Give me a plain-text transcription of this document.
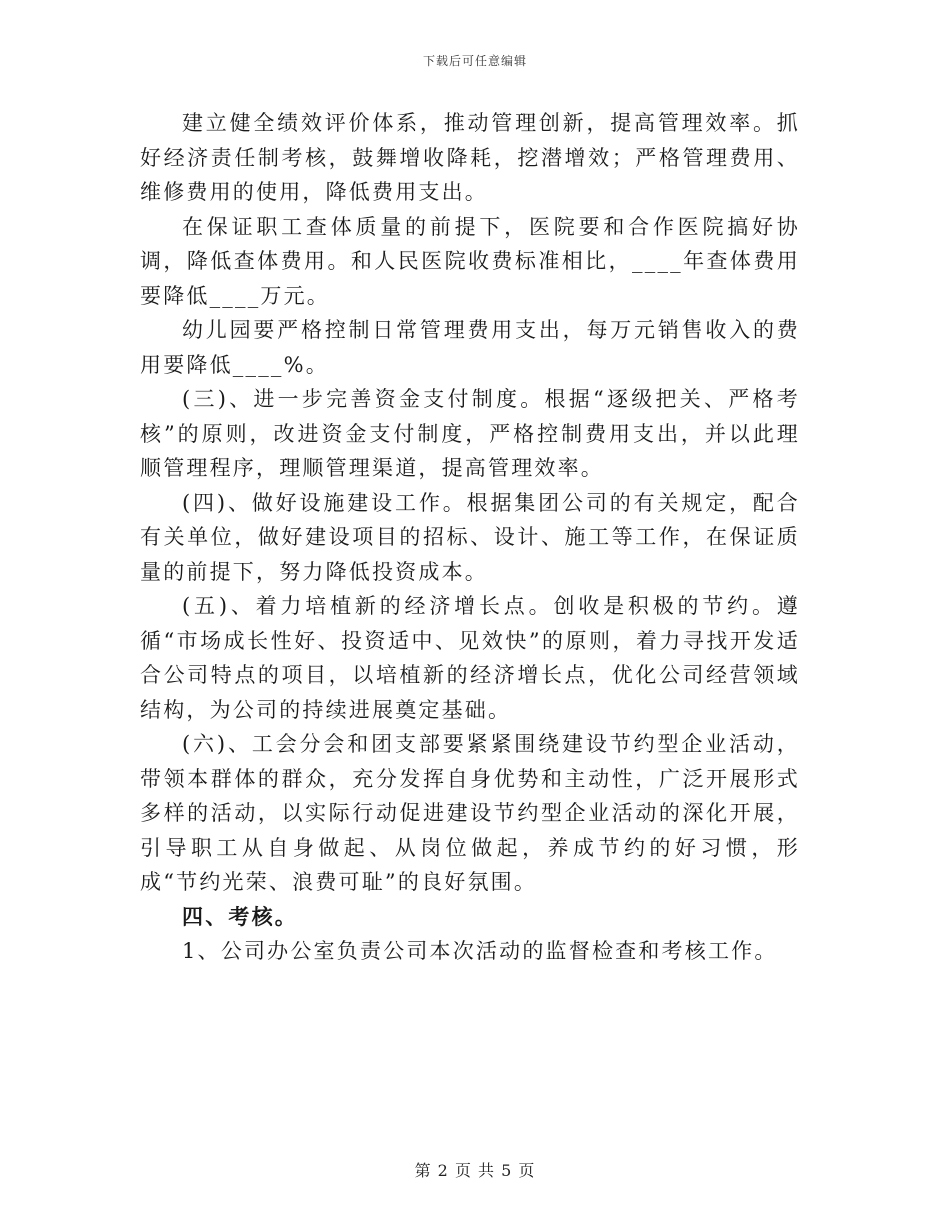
下载后可任意编辑

建立健全绩效评价体系，推动管理创新，提高管理效率。抓好经济责任制考核，鼓舞增收降耗，挖潜增效；严格管理费用、维修费用的使用，降低费用支出。

在保证职工查体质量的前提下，医院要和合作医院搞好协调，降低查体费用。和人民医院收费标准相比，____年查体费用要降低____万元。

幼儿园要严格控制日常管理费用支出，每万元销售收入的费用要降低____%。

(三)、进一步完善资金支付制度。根据“逐级把关、严格考核”的原则，改进资金支付制度，严格控制费用支出，并以此理顺管理程序，理顺管理渠道，提高管理效率。

(四)、做好设施建设工作。根据集团公司的有关规定，配合有关单位，做好建设项目的招标、设计、施工等工作，在保证质量的前提下，努力降低投资成本。

(五)、着力培植新的经济增长点。创收是积极的节约。遵循“市场成长性好、投资适中、见效快”的原则，着力寻找开发适合公司特点的项目，以培植新的经济增长点，优化公司经营领域结构，为公司的持续进展奠定基础。

(六)、工会分会和团支部要紧紧围绕建设节约型企业活动，带领本群体的群众，充分发挥自身优势和主动性，广泛开展形式多样的活动，以实际行动促进建设节约型企业活动的深化开展，引导职工从自身做起、从岗位做起，养成节约的好习惯，形成“节约光荣、浪费可耻”的良好氛围。

四、考核。

1、公司办公室负责公司本次活动的监督检查和考核工作。

第 2 页 共 5 页
